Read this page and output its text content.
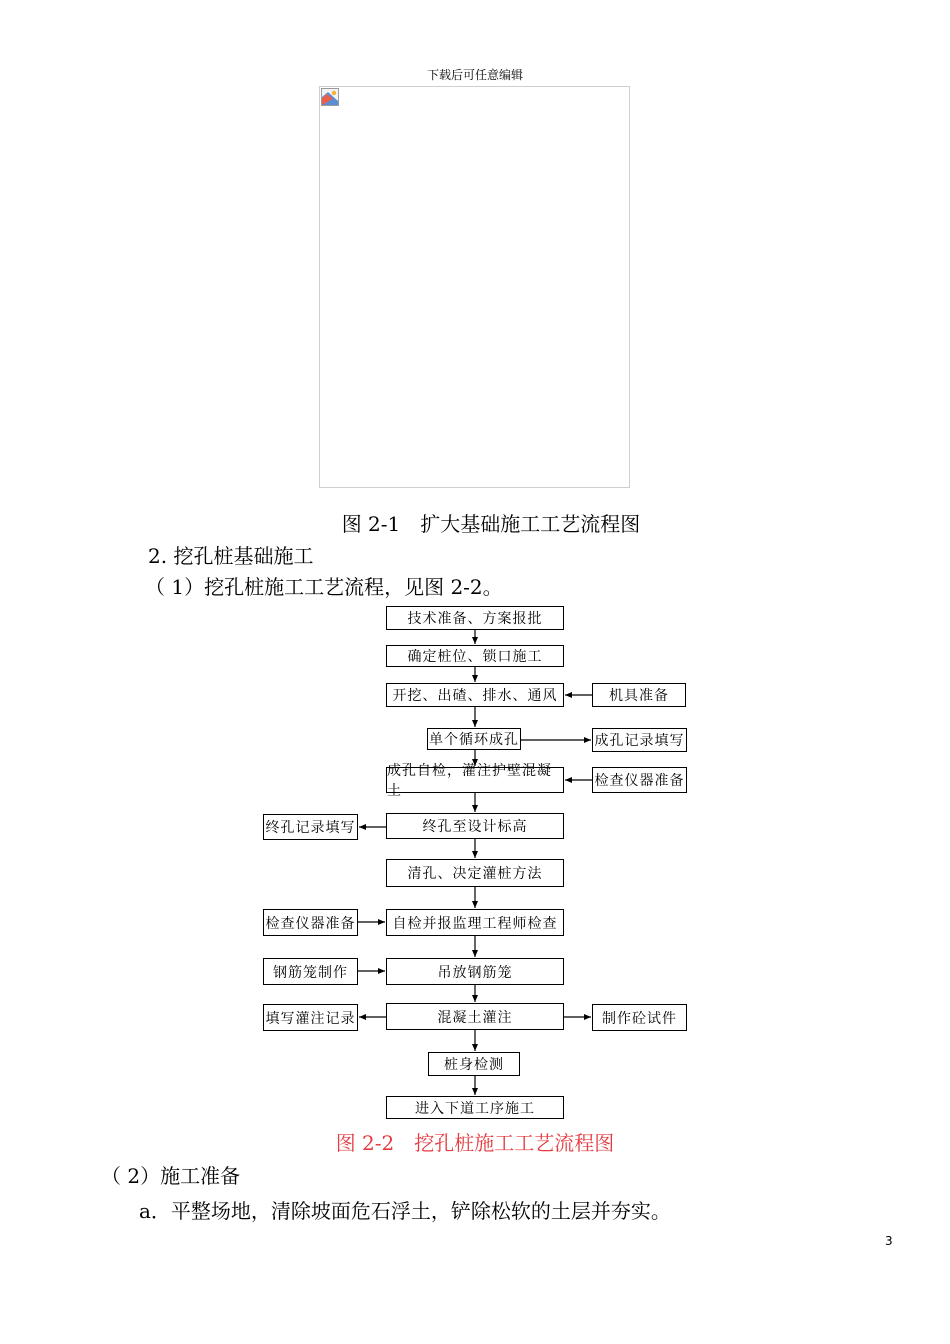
下载后可任意编辑
图 2-1　扩大基础施工工艺流程图
2. 挖孔桩基础施工
（ 1）挖孔桩施工工艺流程，见图 2-2。
技术准备、方案报批
确定桩位、锁口施工
开挖、出碴、排水、通风
单个循环成孔
成孔自检，灌注护壁混凝土
终孔至设计标高
清孔、决定灌桩方法
自检并报监理工程师检查
吊放钢筋笼
混凝土灌注
桩身检测
进入下道工序施工
机具准备
成孔记录填写
检查仪器准备
制作砼试件
终孔记录填写
检查仪器准备
钢筋笼制作
填写灌注记录
图 2-2　挖孔桩施工工艺流程图
（ 2）施工准备
a．平整场地，清除坡面危石浮土，铲除松软的土层并夯实。
3
